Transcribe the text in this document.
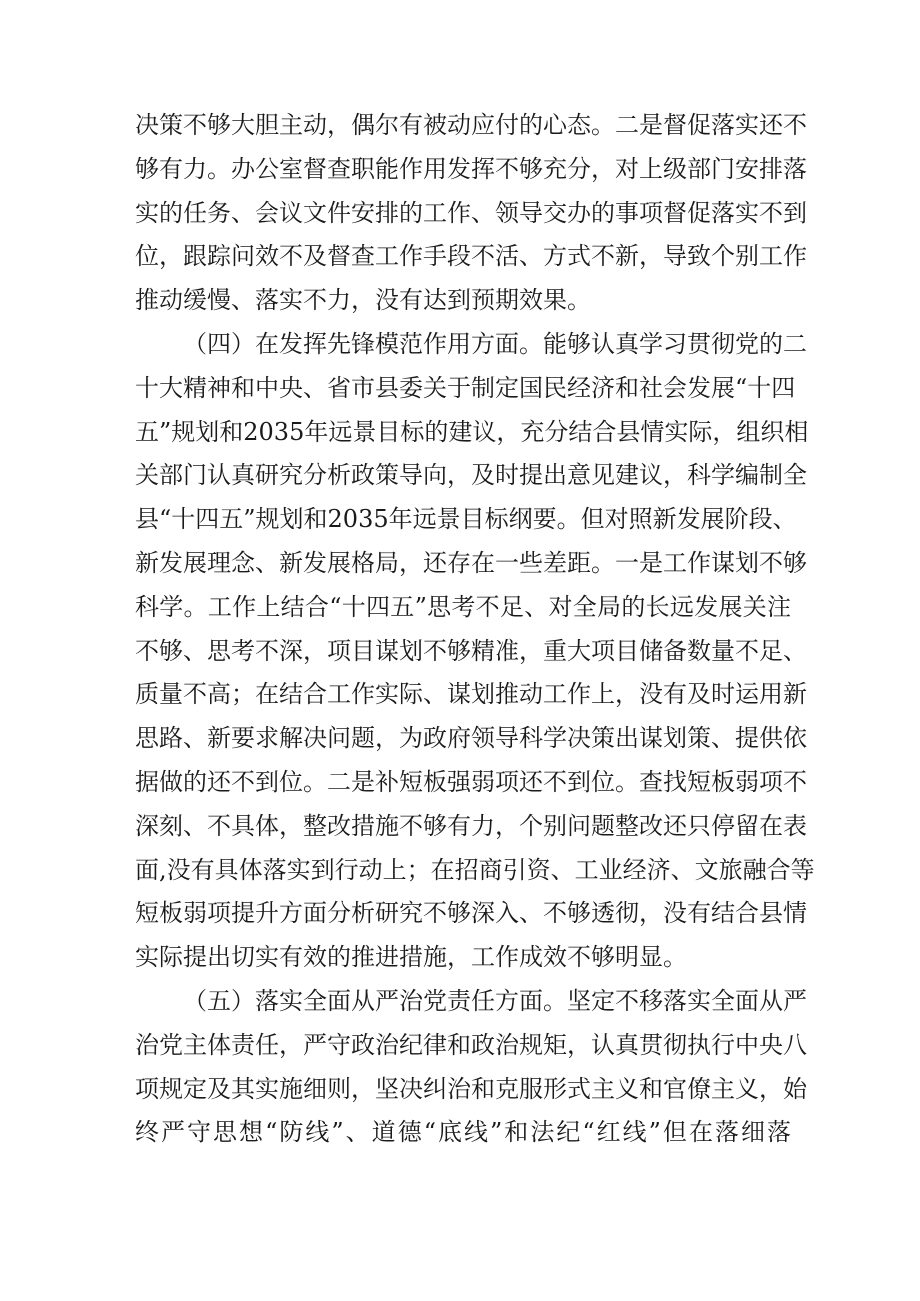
决策不够大胆主动，偶尔有被动应付的心态。二是督促落实还不
够有力。办公室督查职能作用发挥不够充分，对上级部门安排落
实的任务、会议文件安排的工作、领导交办的事项督促落实不到
位，跟踪问效不及督查工作手段不活、方式不新，导致个别工作
推动缓慢、落实不力，没有达到预期效果。
（四）在发挥先锋模范作用方面。能够认真学习贯彻党的二
十大精神和中央、省市县委关于制定国民经济和社会发展“十四
五”规划和2035年远景目标的建议，充分结合县情实际，组织相
关部门认真研究分析政策导向，及时提出意见建议，科学编制全
县“十四五”规划和2035年远景目标纲要。但对照新发展阶段、
新发展理念、新发展格局，还存在一些差距。一是工作谋划不够
科学。工作上结合“十四五”思考不足、对全局的长远发展关注
不够、思考不深，项目谋划不够精准，重大项目储备数量不足、
质量不高；在结合工作实际、谋划推动工作上，没有及时运用新
思路、新要求解决问题，为政府领导科学决策出谋划策、提供依
据做的还不到位。二是补短板强弱项还不到位。查找短板弱项不
深刻、不具体，整改措施不够有力，个别问题整改还只停留在表
面,没有具体落实到行动上；在招商引资、工业经济、文旅融合等
短板弱项提升方面分析研究不够深入、不够透彻，没有结合县情
实际提出切实有效的推进措施，工作成效不够明显。
（五）落实全面从严治党责任方面。坚定不移落实全面从严
治党主体责任，严守政治纪律和政治规矩，认真贯彻执行中央八
项规定及其实施细则，坚决纠治和克服形式主义和官僚主义，始
终严守思想“防线”、道德“底线”和法纪“红线”但在落细落
